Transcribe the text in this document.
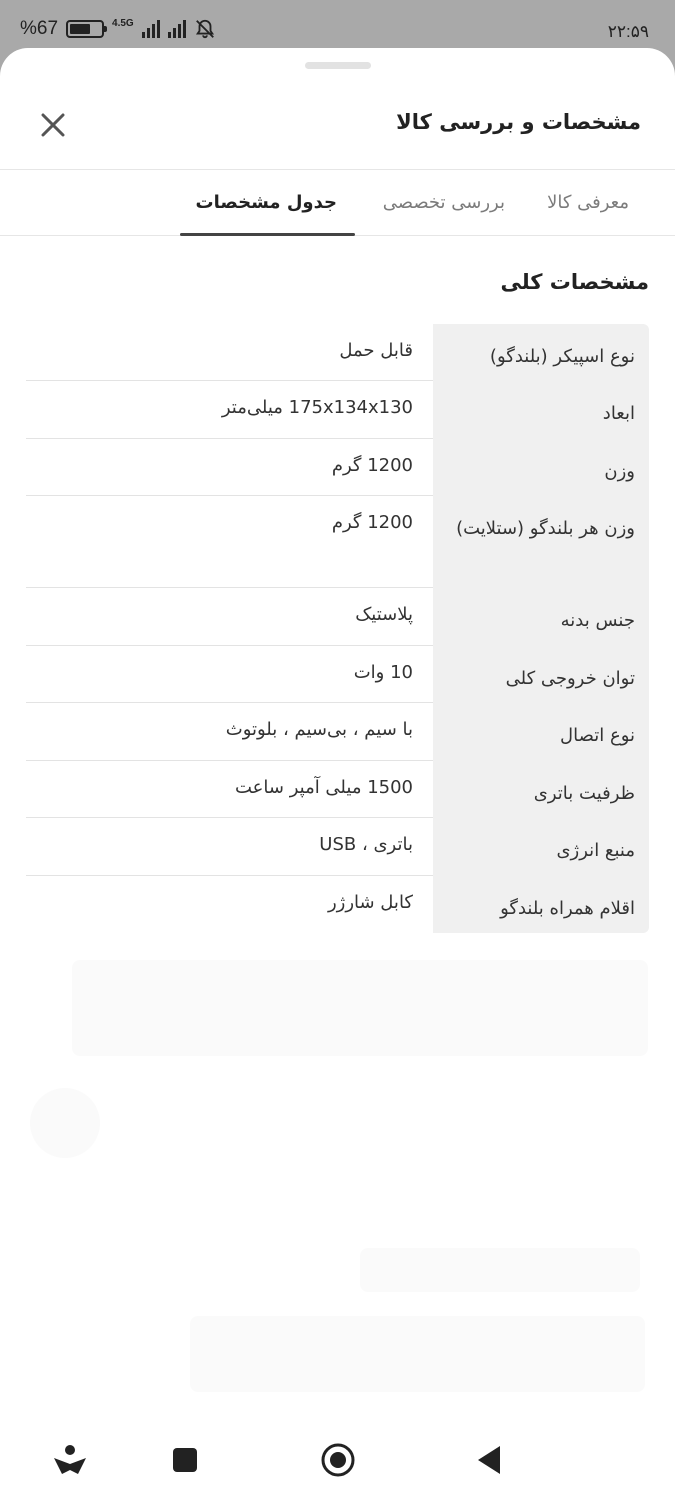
%67	4.5G	۲۲:۵۹
مشخصات و بررسی کالا
معرفی کالا
بررسی تخصصی
جدول مشخصات
مشخصات کلی
نوع اسپیکر (بلندگو)
قابل حمل
ابعاد
175x134x130 میلی‌متر
وزن
1200 گرم
وزن هر بلندگو (ستلایت)
1200 گرم
جنس بدنه
پلاستیک
توان خروجی کلی
10 وات
نوع اتصال
با سیم ، بی‌سیم ، بلوتوث
ظرفیت باتری
1500 میلی آمپر ساعت
منبع انرژی
باتری ، USB
اقلام همراه بلندگو
کابل شارژر
